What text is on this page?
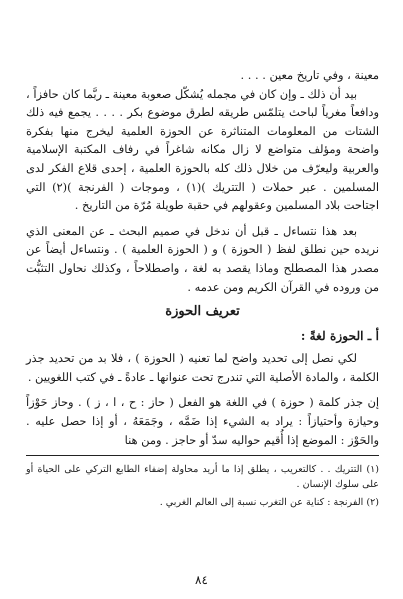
معينة ، وفي تاريخ معين . . . .

بيد أن ذلك ـ وإن كان في مجمله يُشكّل صعوبة معينة ـ ربَّما كان حافزاً ، ودافعاً مغرياً لباحث يتلمّس طريقه لطرق موضوع بكر . . . . يجمع فيه ذلك الشتات من المعلومات المتناثرة عن الحوزة العلمية ليخرج منها بفكرة واضحة ومؤلف متواضع لا زال مكانه شاغراً في رفاف المكتبة الإسلامية والعربية وليعرّف من خلال ذلك كله بالحوزة العلمية ، إحدى قلاع الفكر لدى المسلمين . عبر حملات ( التتريك )(١) ، وموجات ( الفرنجة )(٢) التي اجتاحت بلاد المسلمين وعقولهم في حقبة طويلة مُرّة من التاريخ .

بعد هذا نتساءل ـ قبل أن ندخل في صميم البحث ـ عن المعنى الذي نريده حين نطلق لفظ ( الحوزة ) و ( الحوزة العلمية ) . ونتساءل أيضاً عن مصدر هذا المصطلح وماذا يقصد به لغة ، واصطلاحاً ، وكذلك نحاول التثبُّت من وروده في القرآن الكريم ومن عدمه .

تعريف الحوزة
أ ـ الحوزة لغةً :

لكي نصل إلى تحديد واضح لما تعنيه ( الحوزة ) ، فلا بد من تحديد جذر الكلمة ، والمادة الأصلية التي تندرج تحت عنوانها ـ عادةً ـ في كتب اللغويين .

إن جذر كلمة ( حوزة ) في اللغة هو الفعل ( حاز : ح ، ا ، ز ) . وحاز حَوْزاً وحيازة وأحتيازاً : يراد به الشيء إذا ضَمَّه ، وجَمَعَهُ ، أو إذا حصل عليه . والحَوْز : الموضع إذا أُقيم حواليه سدّ أو حاجز . ومن هنا

(١) التتريك . . كالتعريب ، يطلق إذا ما أريد محاولة إضفاء الطابع التركي على الحياة أو على سلوك الإنسان .

(٢) الفرنجة : كناية عن التغرب نسبة إلى العالم الغربي .

٨٤
